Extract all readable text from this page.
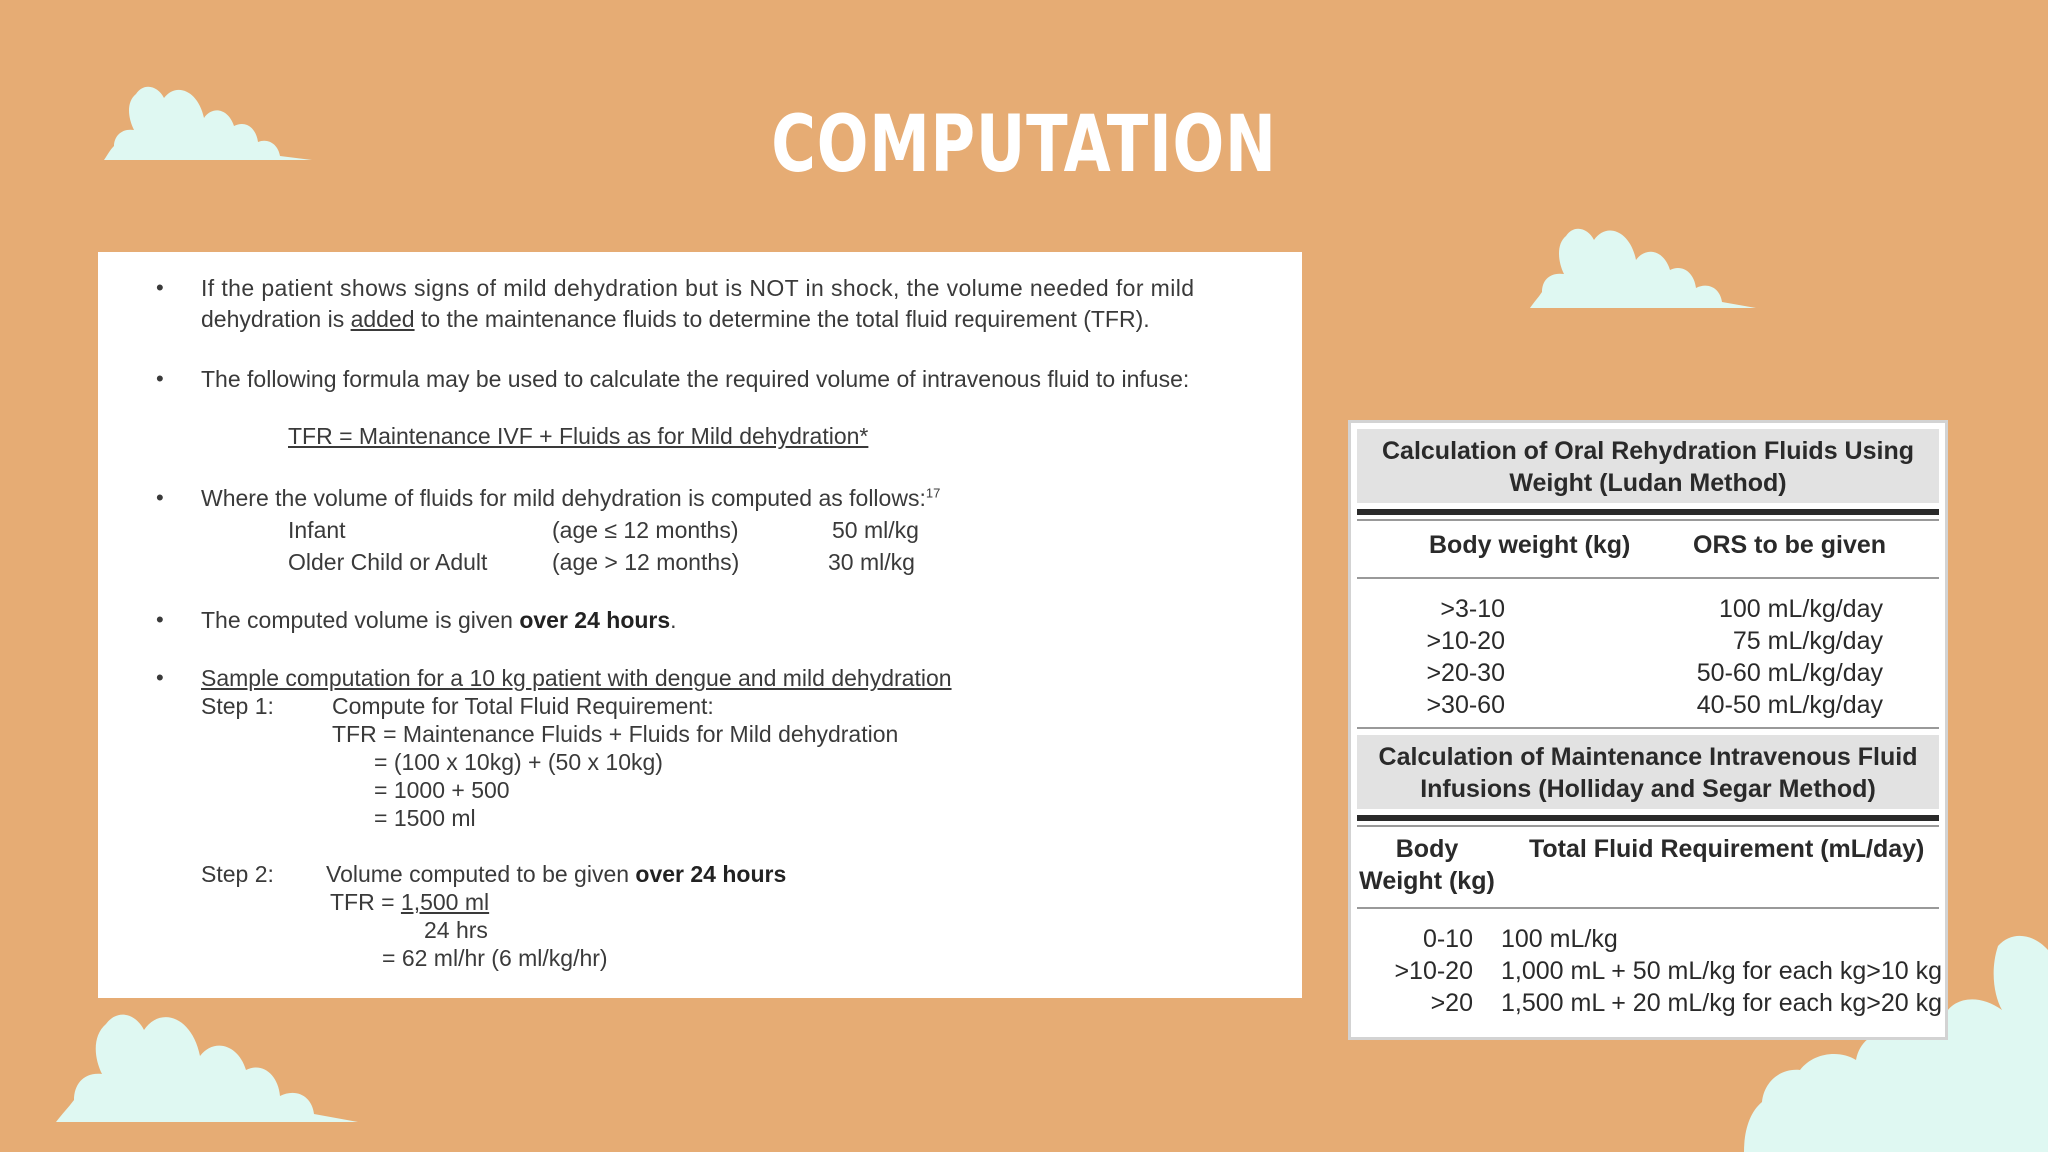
COMPUTATION
• If the patient shows signs of mild dehydration but is NOT in shock, the volume needed for mild
dehydration is added to the maintenance fluids to determine the total fluid requirement (TFR).
• The following formula may be used to calculate the required volume of intravenous fluid to infuse:
TFR = Maintenance IVF + Fluids as for Mild dehydration*
• Where the volume of fluids for mild dehydration is computed as follows:$^{17}$
Infant	(age ≤ 12 months)	50 ml/kg
Older Child or Adult	(age > 12 months)	30 ml/kg
• The computed volume is given over 24 hours.
• Sample computation for a 10 kg patient with dengue and mild dehydration
Step 1:	Compute for Total Fluid Requirement:
TFR = Maintenance Fluids + Fluids for Mild dehydration
= (100 x 10kg) + (50 x 10kg)
= 1000 + 500
= 1500 ml
Step 2: Volume computed to be given over 24 hours
TFR = 1,500 ml
24 hrs
= 62 ml/hr (6 ml/kg/hr)
Calculation of Oral Rehydration Fluids Using
Weight (Ludan Method)
Body weight (kg)	ORS to be given
>3-10	100 mL/kg/day
>10-20	75 mL/kg/day
>20-30	50-60 mL/kg/day
>30-60	40-50 mL/kg/day
Calculation of Maintenance Intravenous Fluid
Infusions (Holliday and Segar Method)
Body
Weight (kg)
Total Fluid Requirement (mL/day)
0-10 100 mL/kg
>10-20 1,000 mL + 50 mL/kg for each kg>10 kg
>20 1,500 mL + 20 mL/kg for each kg>20 kg
